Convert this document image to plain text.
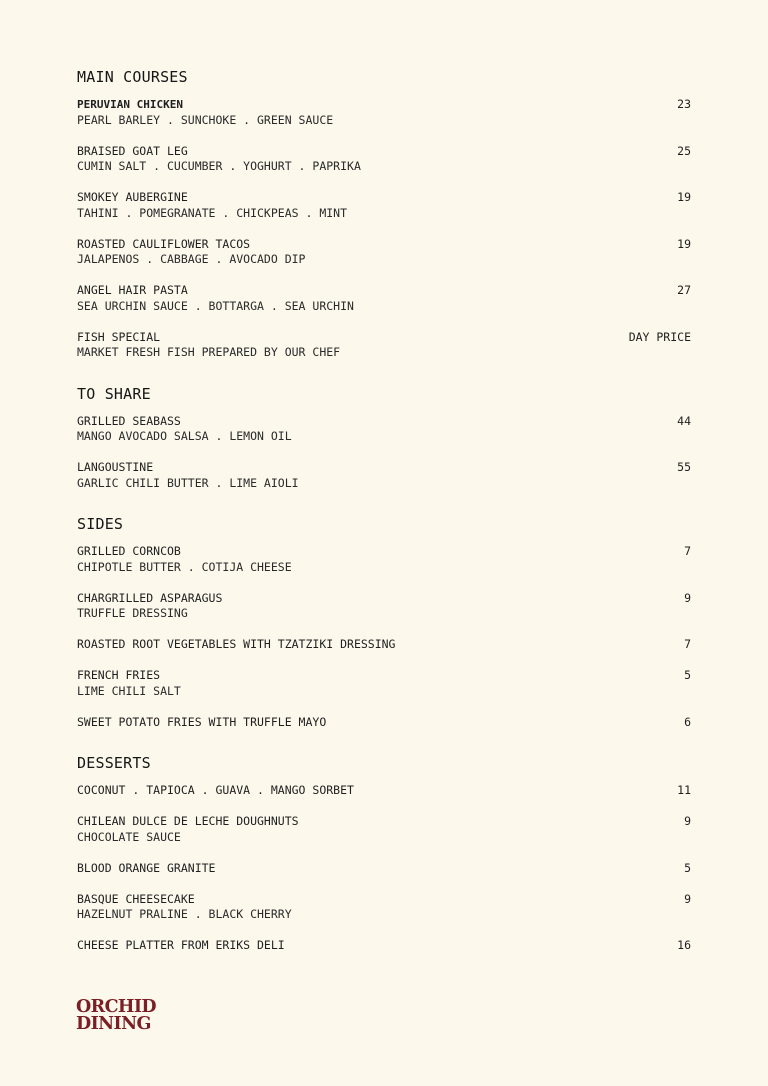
MAIN COURSES
PERUVIAN CHICKEN
PEARL BARLEY . SUNCHOKE . GREEN SAUCE
23
BRAISED GOAT LEG
CUMIN SALT . CUCUMBER . YOGHURT . PAPRIKA
25
SMOKEY AUBERGINE
TAHINI . POMEGRANATE . CHICKPEAS . MINT
19
ROASTED CAULIFLOWER TACOS
JALAPENOS . CABBAGE . AVOCADO DIP
19
ANGEL HAIR PASTA
SEA URCHIN SAUCE . BOTTARGA . SEA URCHIN
27
FISH SPECIAL
MARKET FRESH FISH PREPARED BY OUR CHEF
DAY PRICE
TO SHARE
GRILLED SEABASS
MANGO AVOCADO SALSA . LEMON OIL
44
LANGOUSTINE
GARLIC CHILI BUTTER . LIME AIOLI
55
SIDES
GRILLED CORNCOB
CHIPOTLE BUTTER . COTIJA CHEESE
7
CHARGRILLED ASPARAGUS
TRUFFLE DRESSING
9
ROASTED ROOT VEGETABLES WITH TZATZIKI DRESSING	7
FRENCH FRIES
LIME CHILI SALT
5
SWEET POTATO FRIES WITH TRUFFLE MAYO	6
DESSERTS
COCONUT . TAPIOCA . GUAVA . MANGO SORBET	11
CHILEAN DULCE DE LECHE DOUGHNUTS
CHOCOLATE SAUCE
9
BLOOD ORANGE GRANITE	5
BASQUE CHEESECAKE
HAZELNUT PRALINE . BLACK CHERRY
9
CHEESE PLATTER FROM ERIKS DELI	16
ORCHID
DINING
